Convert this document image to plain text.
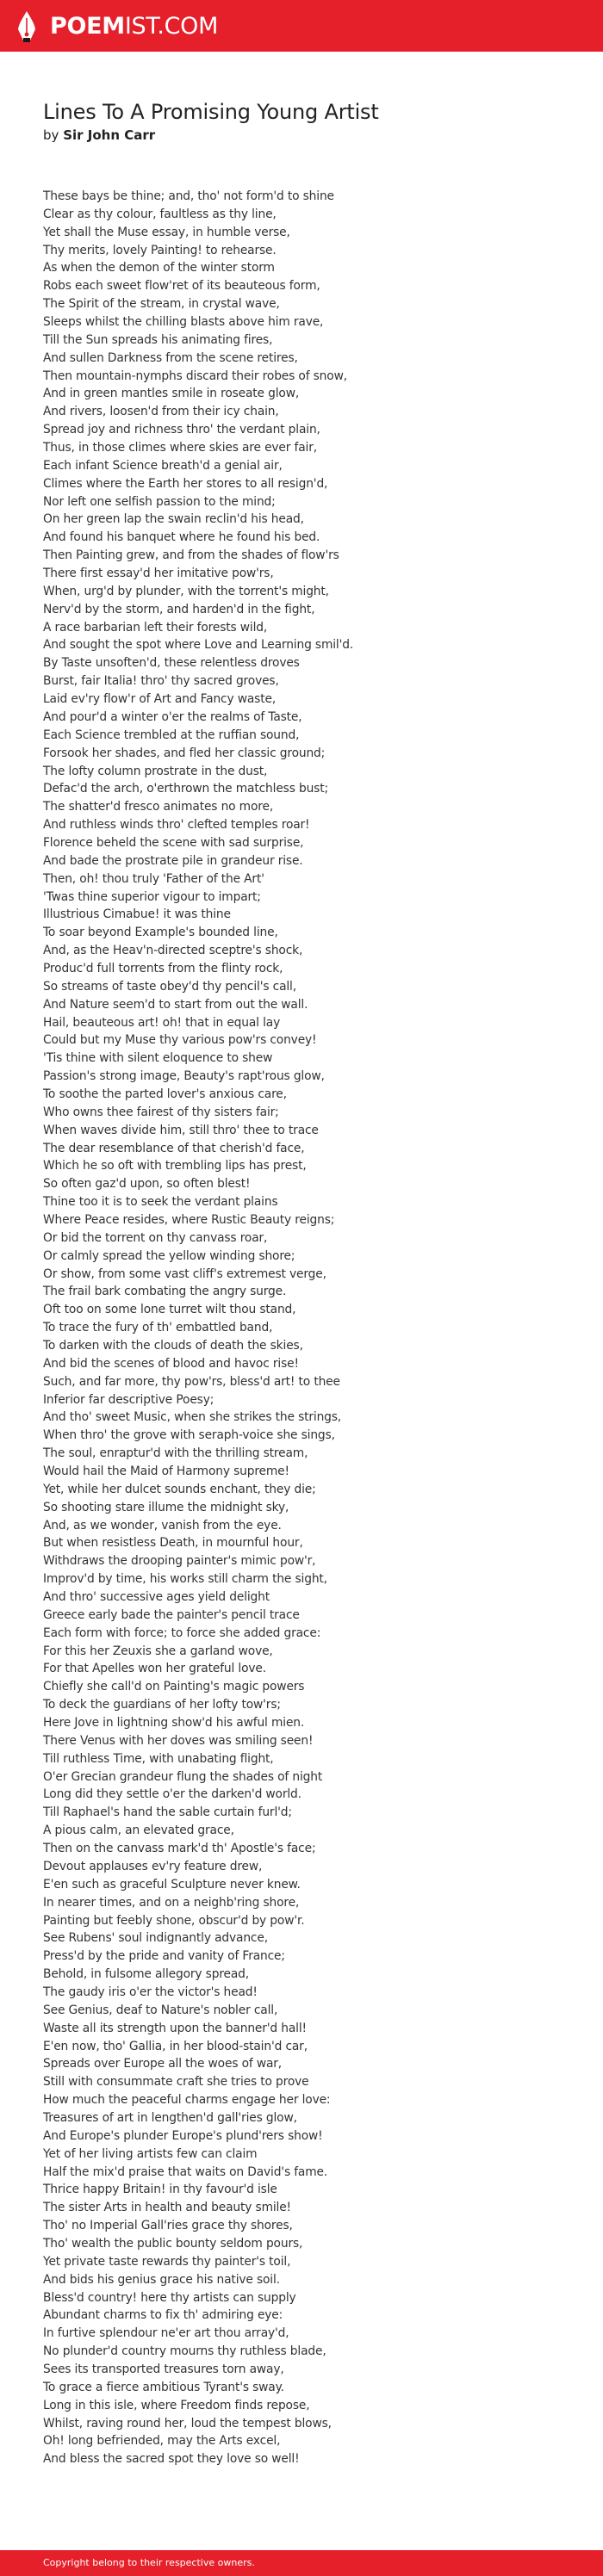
POEMIST.COM
Lines To A Promising Young Artist
by Sir John Carr
These bays be thine; and, tho' not form'd to shine
Clear as thy colour, faultless as thy line,
Yet shall the Muse essay, in humble verse,
Thy merits, lovely Painting! to rehearse.
As when the demon of the winter storm
Robs each sweet flow'ret of its beauteous form,
The Spirit of the stream, in crystal wave,
Sleeps whilst the chilling blasts above him rave,
Till the Sun spreads his animating fires,
And sullen Darkness from the scene retires,
Then mountain-nymphs discard their robes of snow,
And in green mantles smile in roseate glow,
And rivers, loosen'd from their icy chain,
Spread joy and richness thro' the verdant plain,
Thus, in those climes where skies are ever fair,
Each infant Science breath'd a genial air,
Climes where the Earth her stores to all resign'd,
Nor left one selfish passion to the mind;
On her green lap the swain reclin'd his head,
And found his banquet where he found his bed.
Then Painting grew, and from the shades of flow'rs
There first essay'd her imitative pow'rs,
When, urg'd by plunder, with the torrent's might,
Nerv'd by the storm, and harden'd in the fight,
A race barbarian left their forests wild,
And sought the spot where Love and Learning smil'd.
By Taste unsoften'd, these relentless droves
Burst, fair Italia! thro' thy sacred groves,
Laid ev'ry flow'r of Art and Fancy waste,
And pour'd a winter o'er the realms of Taste,
Each Science trembled at the ruffian sound,
Forsook her shades, and fled her classic ground;
The lofty column prostrate in the dust,
Defac'd the arch, o'erthrown the matchless bust;
The shatter'd fresco animates no more,
And ruthless winds thro' clefted temples roar!
Florence beheld the scene with sad surprise,
And bade the prostrate pile in grandeur rise.
Then, oh! thou truly 'Father of the Art'
'Twas thine superior vigour to impart;
Illustrious Cimabue! it was thine
To soar beyond Example's bounded line,
And, as the Heav'n-directed sceptre's shock,
Produc'd full torrents from the flinty rock,
So streams of taste obey'd thy pencil's call,
And Nature seem'd to start from out the wall.
Hail, beauteous art! oh! that in equal lay
Could but my Muse thy various pow'rs convey!
'Tis thine with silent eloquence to shew
Passion's strong image, Beauty's rapt'rous glow,
To soothe the parted lover's anxious care,
Who owns thee fairest of thy sisters fair;
When waves divide him, still thro' thee to trace
The dear resemblance of that cherish'd face,
Which he so oft with trembling lips has prest,
So often gaz'd upon, so often blest!
Thine too it is to seek the verdant plains
Where Peace resides, where Rustic Beauty reigns;
Or bid the torrent on thy canvass roar,
Or calmly spread the yellow winding shore;
Or show, from some vast cliff's extremest verge,
The frail bark combating the angry surge.
Oft too on some lone turret wilt thou stand,
To trace the fury of th' embattled band,
To darken with the clouds of death the skies,
And bid the scenes of blood and havoc rise!
Such, and far more, thy pow'rs, bless'd art! to thee
Inferior far descriptive Poesy;
And tho' sweet Music, when she strikes the strings,
When thro' the grove with seraph-voice she sings,
The soul, enraptur'd with the thrilling stream,
Would hail the Maid of Harmony supreme!
Yet, while her dulcet sounds enchant, they die;
So shooting stare illume the midnight sky,
And, as we wonder, vanish from the eye.
But when resistless Death, in mournful hour,
Withdraws the drooping painter's mimic pow'r,
Improv'd by time, his works still charm the sight,
And thro' successive ages yield delight
Greece early bade the painter's pencil trace
Each form with force; to force she added grace:
For this her Zeuxis she a garland wove,
For that Apelles won her grateful love.
Chiefly she call'd on Painting's magic powers
To deck the guardians of her lofty tow'rs;
Here Jove in lightning show'd his awful mien.
There Venus with her doves was smiling seen!
Till ruthless Time, with unabating flight,
O'er Grecian grandeur flung the shades of night
Long did they settle o'er the darken'd world.
Till Raphael's hand the sable curtain furl'd;
A pious calm, an elevated grace,
Then on the canvass mark'd th' Apostle's face;
Devout applauses ev'ry feature drew,
E'en such as graceful Sculpture never knew.
In nearer times, and on a neighb'ring shore,
Painting but feebly shone, obscur'd by pow'r.
See Rubens' soul indignantly advance,
Press'd by the pride and vanity of France;
Behold, in fulsome allegory spread,
The gaudy iris o'er the victor's head!
See Genius, deaf to Nature's nobler call,
Waste all its strength upon the banner'd hall!
E'en now, tho' Gallia, in her blood-stain'd car,
Spreads over Europe all the woes of war,
Still with consummate craft she tries to prove
How much the peaceful charms engage her love:
Treasures of art in lengthen'd gall'ries glow,
And Europe's plunder Europe's plund'rers show!
Yet of her living artists few can claim
Half the mix'd praise that waits on David's fame.
Thrice happy Britain! in thy favour'd isle
The sister Arts in health and beauty smile!
Tho' no Imperial Gall'ries grace thy shores,
Tho' wealth the public bounty seldom pours,
Yet private taste rewards thy painter's toil,
And bids his genius grace his native soil.
Bless'd country! here thy artists can supply
Abundant charms to fix th' admiring eye:
In furtive splendour ne'er art thou array'd,
No plunder'd country mourns thy ruthless blade,
Sees its transported treasures torn away,
To grace a fierce ambitious Tyrant's sway.
Long in this isle, where Freedom finds repose,
Whilst, raving round her, loud the tempest blows,
Oh! long befriended, may the Arts excel,
And bless the sacred spot they love so well!
Copyright belong to their respective owners.
